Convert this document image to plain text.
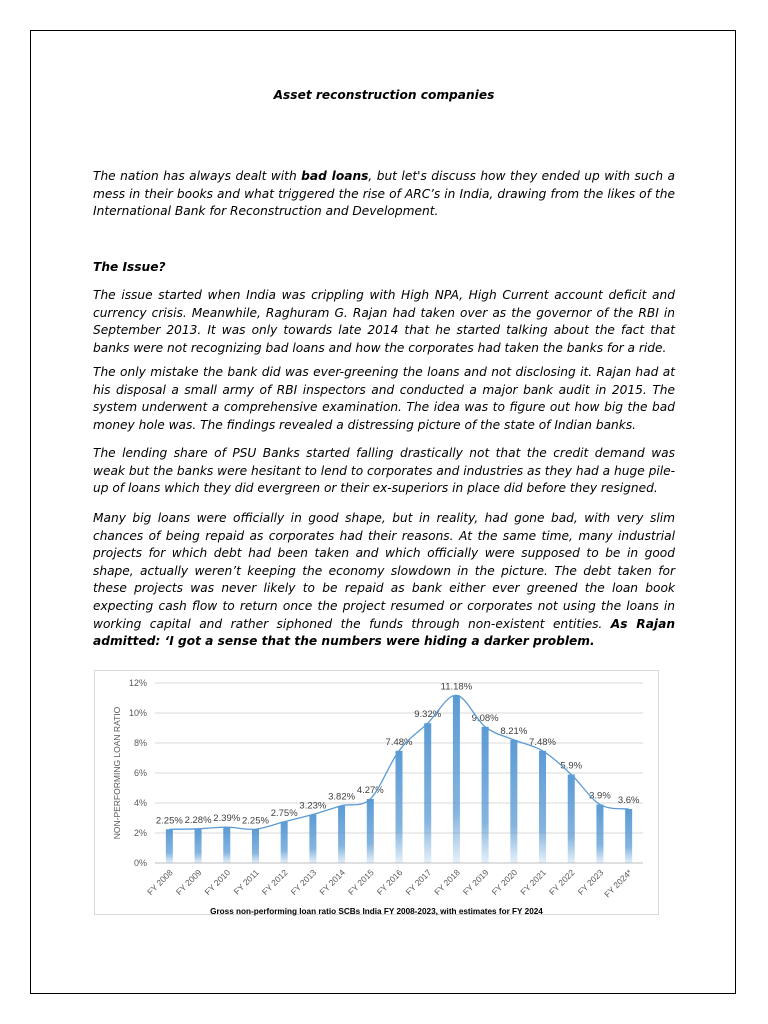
Asset reconstruction companies

The nation has always dealt with bad loans, but let's discuss how they ended up with such a mess in their books and what triggered the rise of ARC’s in India, drawing from the likes of the International Bank for Reconstruction and Development.

The Issue?

The issue started when India was crippling with High NPA, High Current account deficit and currency crisis. Meanwhile, Raghuram G. Rajan had taken over as the governor of the RBI in September 2013. It was only towards late 2014 that he started talking about the fact that banks were not recognizing bad loans and how the corporates had taken the banks for a ride.

The only mistake the bank did was ever-greening the loans and not disclosing it. Rajan had at his disposal a small army of RBI inspectors and conducted a major bank audit in 2015. The system underwent a comprehensive examination. The idea was to figure out how big the bad money hole was. The findings revealed a distressing picture of the state of Indian banks.

The lending share of PSU Banks started falling drastically not that the credit demand was weak but the banks were hesitant to lend to corporates and industries as they had a huge pile-up of loans which they did evergreen or their ex-superiors in place did before they resigned.

Many big loans were officially in good shape, but in reality, had gone bad, with very slim chances of being repaid as corporates had their reasons. At the same time, many industrial projects for which debt had been taken and which officially were supposed to be in good shape, actually weren’t keeping the economy slowdown in the picture. The debt taken for these projects was never likely to be repaid as bank either ever greened the loan book expecting cash flow to return once the project resumed or corporates not using the loans in working capital and rather siphoned the funds through non-existent entities. As Rajan admitted: ‘I got a sense that the numbers were hiding a darker problem.

0%
2%
4%
6%
8%
10%
12%
NON-PERFORMING LOAN RATIO	2.25%
FY 2008
2.28%
FY 2009
2.39%
FY 2010
2.25%
FY 2011
2.75%
FY 2012
3.23%
FY 2013
3.82%
FY 2014
4.27%
FY 2015
7.48%
FY 2016
9.32%
FY 2017
11.18%
FY 2018
9.08%
FY 2019
8.21%
FY 2020
7.48%
FY 2021
5.9%
FY 2022
3.9%
FY 2023
3.6%
FY 2024*
Gross non-performing loan ratio SCBs India FY 2008-2023, with estimates for FY 2024
